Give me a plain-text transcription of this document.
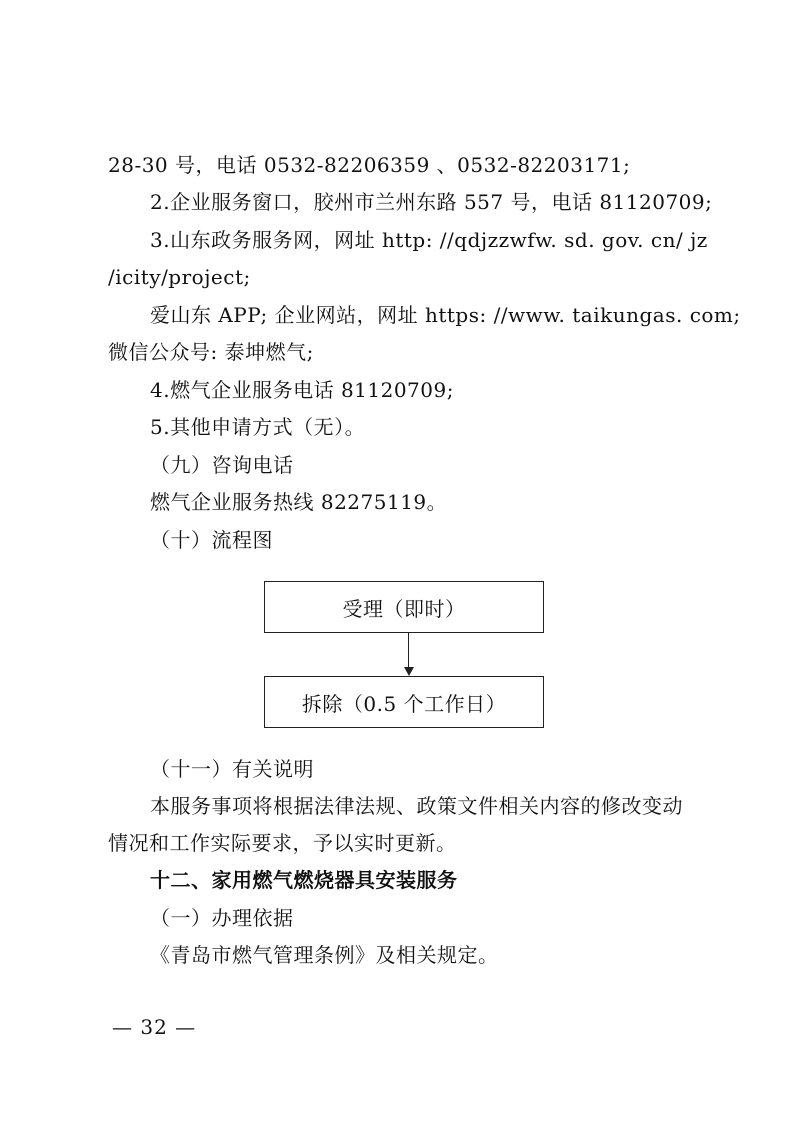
28-30 号，电话 0532-82206359 、0532-82203171;
2.企业服务窗口，胶州市兰州东路 557 号，电话 81120709;
3.山东政务服务网，网址 http: //qdjzzwfw. sd. gov. cn/ jz
/icity/project;
爱山东 APP; 企业网站，网址 https: //www. taikungas. com;
微信公众号: 泰坤燃气;
4.燃气企业服务电话 81120709;
5.其他申请方式（无）。
（九）咨询电话
燃气企业服务热线 82275119。
（十）流程图
受理（即时）
拆除（0.5 个工作日）
（十一）有关说明
本服务事项将根据法律法规、政策文件相关内容的修改变动
情况和工作实际要求，予以实时更新。
十二、家用燃气燃烧器具安装服务
（一）办理依据
《青岛市燃气管理条例》及相关规定。
— 32 —
